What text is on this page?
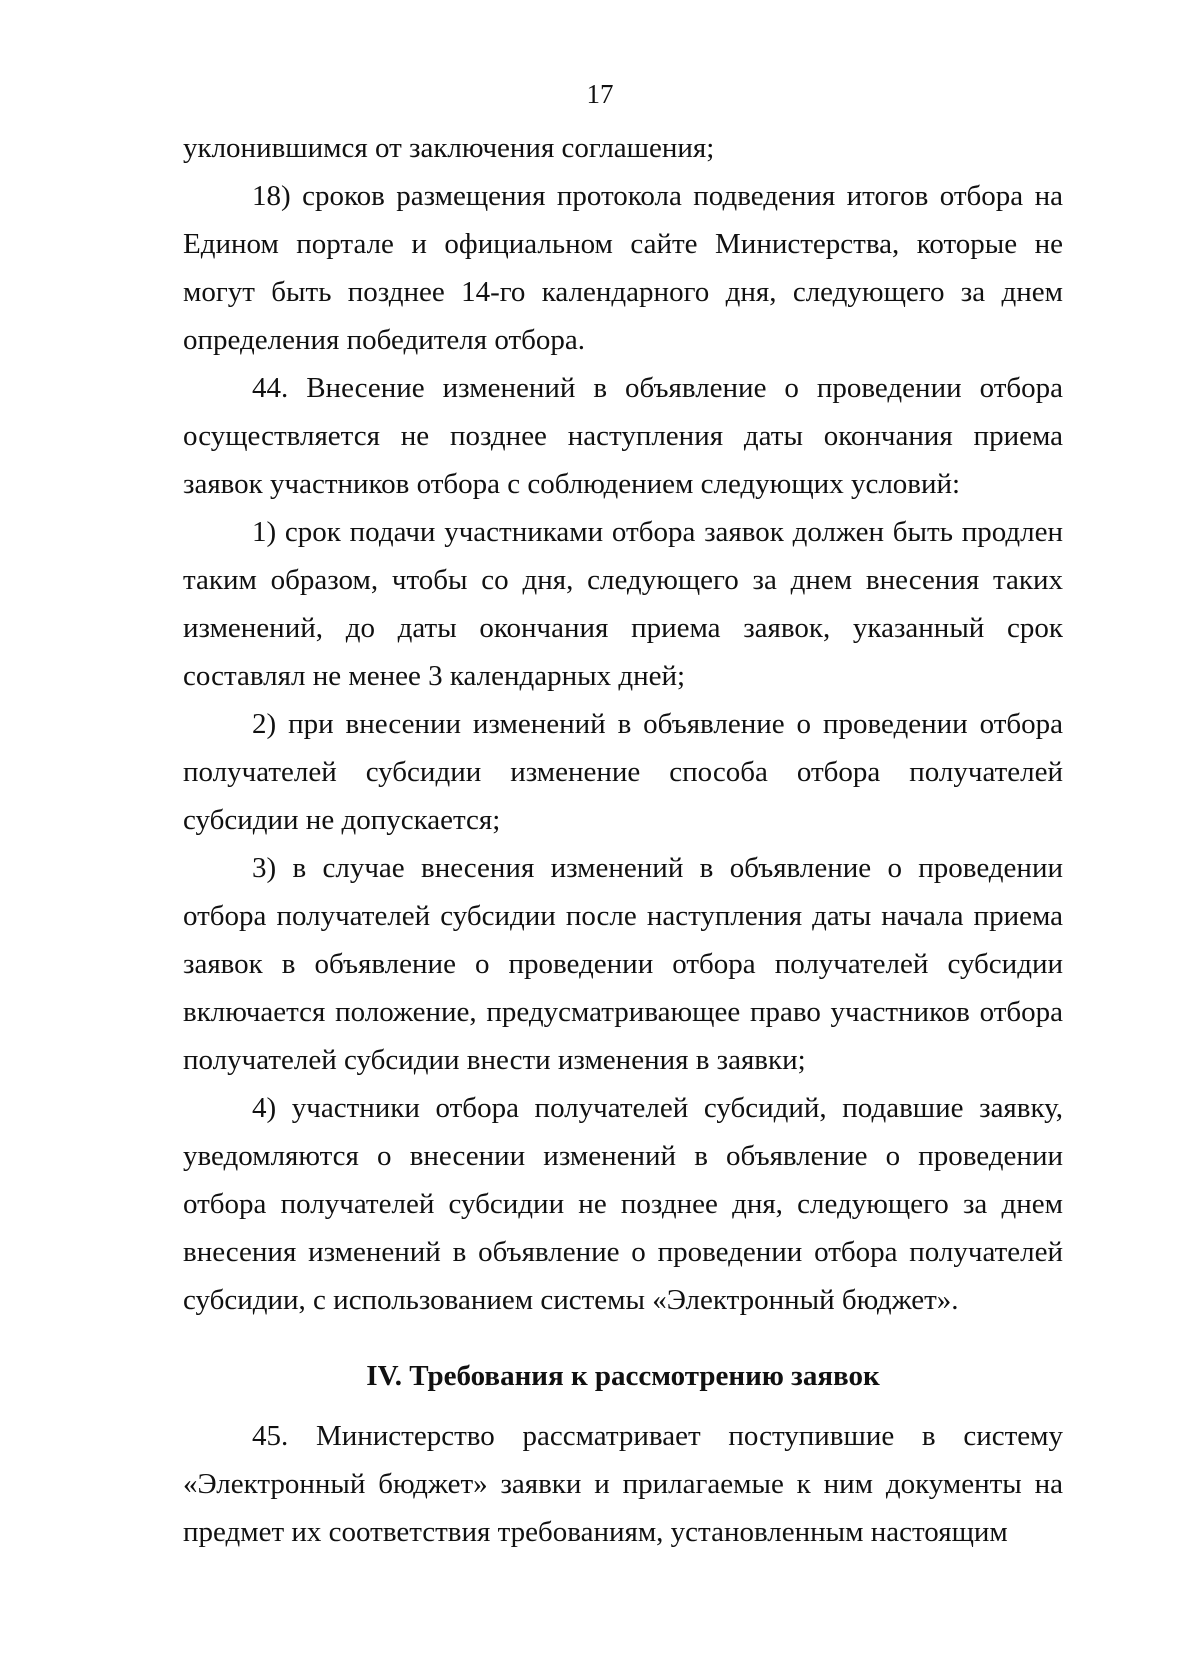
17

уклонившимся от заключения соглашения;

18) сроков размещения протокола подведения итогов отбора на Едином портале и официальном сайте Министерства, которые не могут быть позднее 14-го календарного дня, следующего за днем определения победителя отбора.

44. Внесение изменений в объявление о проведении отбора осуществляется не позднее наступления даты окончания приема заявок участников отбора с соблюдением следующих условий:

1) срок подачи участниками отбора заявок должен быть продлен таким образом, чтобы со дня, следующего за днем внесения таких изменений, до даты окончания приема заявок, указанный срок составлял не менее 3 календарных дней;

2) при внесении изменений в объявление о проведении отбора получателей субсидии изменение способа отбора получателей субсидии не допускается;

3) в случае внесения изменений в объявление о проведении отбора получателей субсидии после наступления даты начала приема заявок в объявление о проведении отбора получателей субсидии включается положение, предусматривающее право участников отбора получателей субсидии внести изменения в заявки;

4) участники отбора получателей субсидий, подавшие заявку, уведомляются о внесении изменений в объявление о проведении отбора получателей субсидии не позднее дня, следующего за днем внесения изменений в объявление о проведении отбора получателей субсидии, с использованием системы «Электронный бюджет».

IV. Требования к рассмотрению заявок

45. Министерство рассматривает поступившие в систему «Электронный бюджет» заявки и прилагаемые к ним документы на предмет их соответствия требованиям, установленным настоящим
